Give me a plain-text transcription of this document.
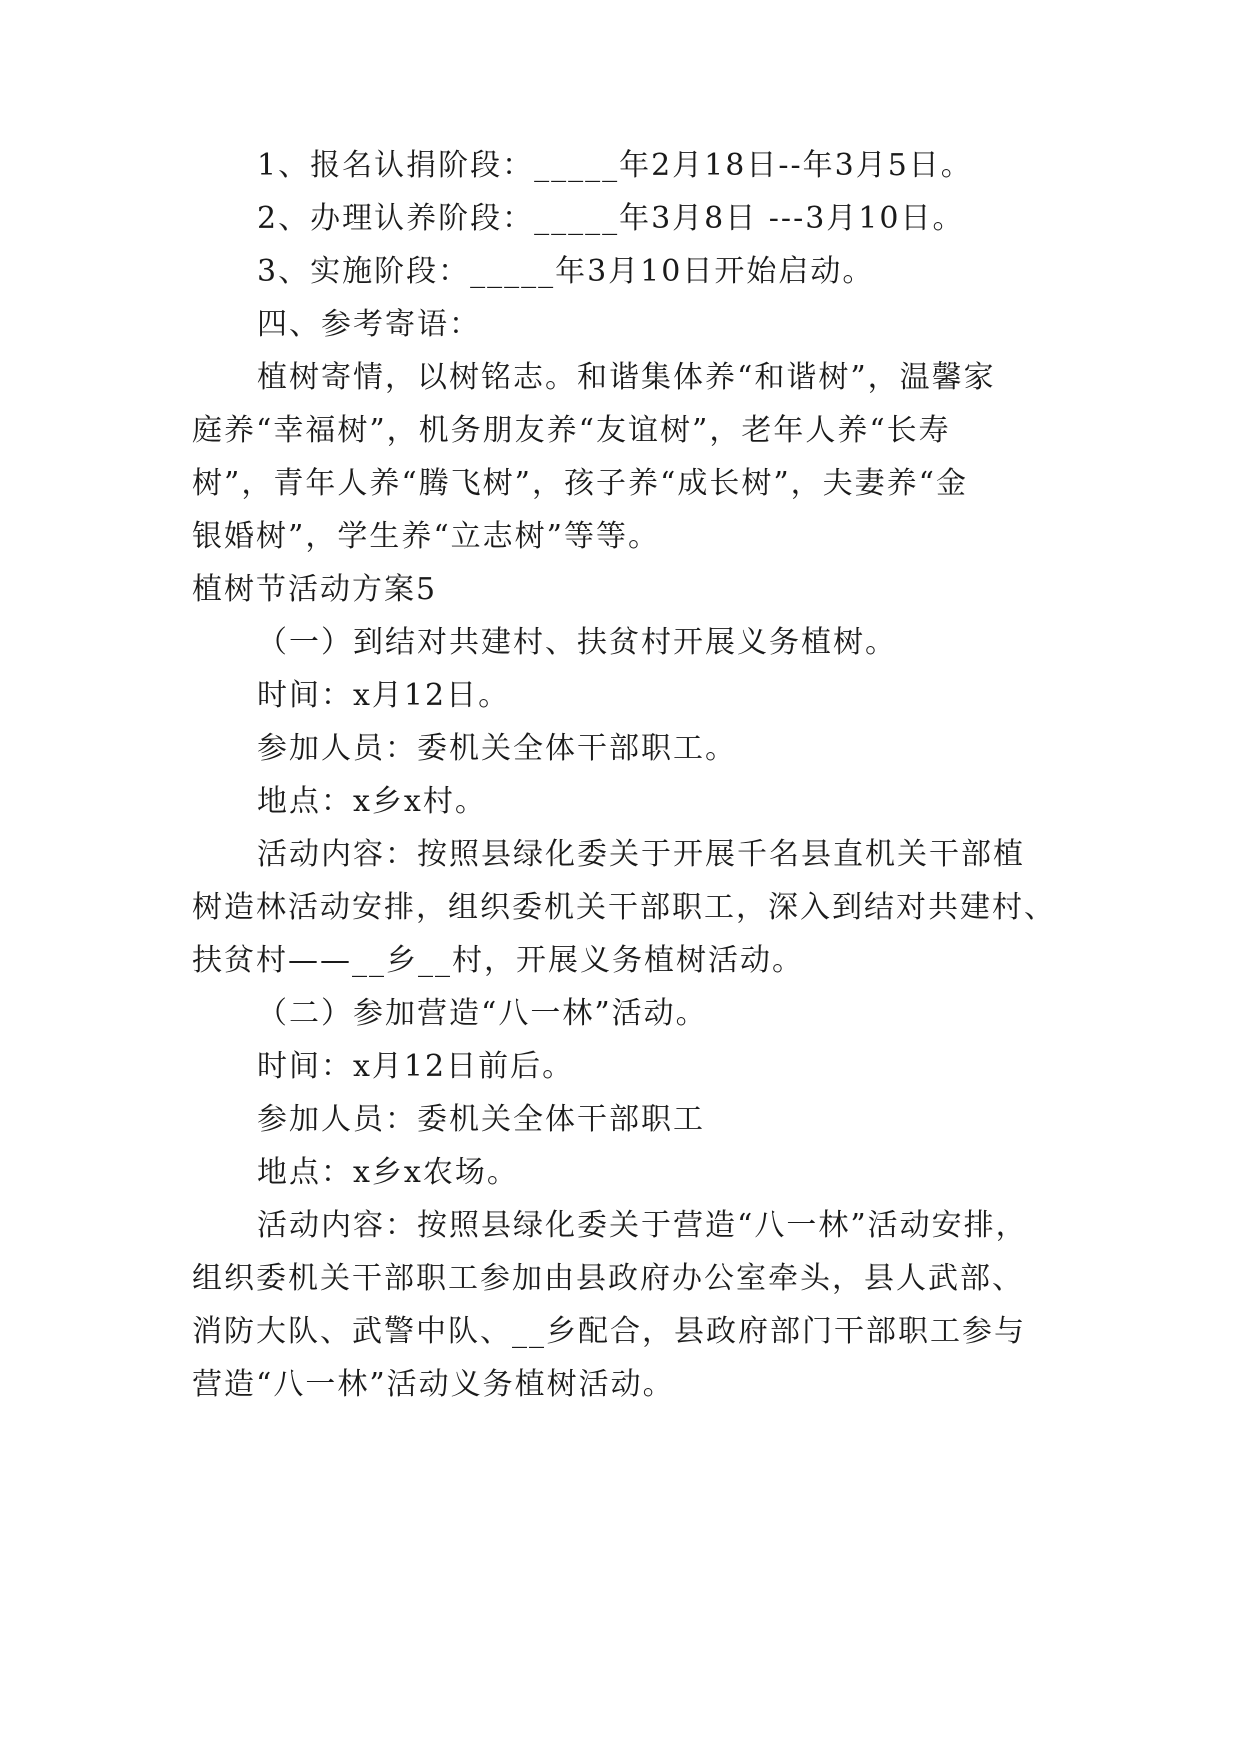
1、报名认捐阶段：_____年2月18日--年3月5日。
2、办理认养阶段：_____年3月8日 ---3月10日。
3、实施阶段：_____年3月10日开始启动。
四、参考寄语：
植树寄情，以树铭志。和谐集体养“和谐树”，温馨家
庭养“幸福树”，机务朋友养“友谊树”，老年人养“长寿
树”，青年人养“腾飞树”，孩子养“成长树”，夫妻养“金
银婚树”，学生养“立志树”等等。
植树节活动方案5
（一）到结对共建村、扶贫村开展义务植树。
时间：x月12日。
参加人员：委机关全体干部职工。
地点：x乡x村。
活动内容：按照县绿化委关于开展千名县直机关干部植
树造林活动安排，组织委机关干部职工，深入到结对共建村、
扶贫村——__乡__村，开展义务植树活动。
（二）参加营造“八一林”活动。
时间：x月12日前后。
参加人员：委机关全体干部职工
地点：x乡x农场。
活动内容：按照县绿化委关于营造“八一林”活动安排，
组织委机关干部职工参加由县政府办公室牵头，县人武部、
消防大队、武警中队、__乡配合，县政府部门干部职工参与
营造“八一林”活动义务植树活动。
